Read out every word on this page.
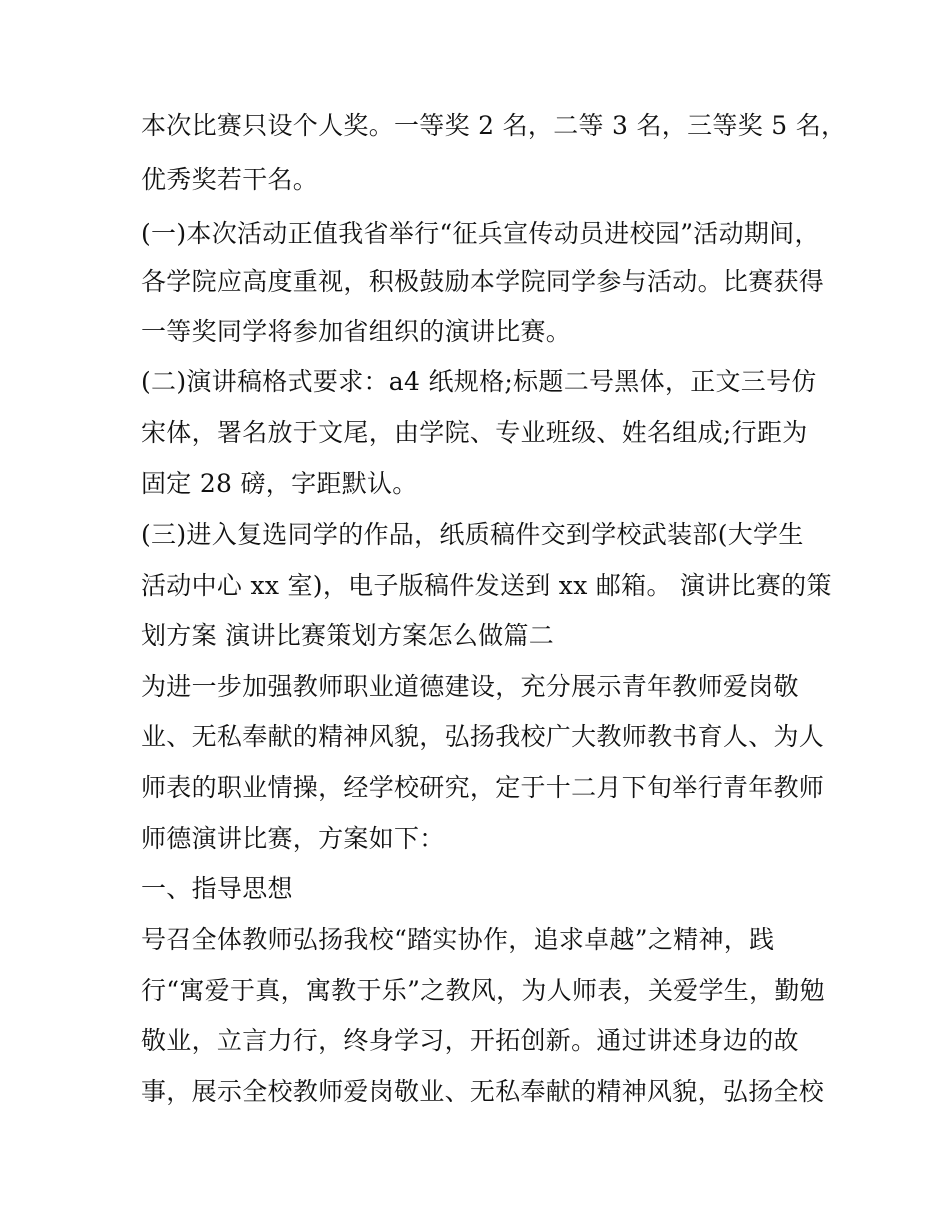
本次比赛只设个人奖。一等奖 2 名，二等 3 名，三等奖 5 名，

优秀奖若干名。

(一)本次活动正值我省举行“征兵宣传动员进校园”活动期间，

各学院应高度重视，积极鼓励本学院同学参与活动。比赛获得

一等奖同学将参加省组织的演讲比赛。

(二)演讲稿格式要求：a4 纸规格;标题二号黑体，正文三号仿

宋体，署名放于文尾，由学院、专业班级、姓名组成;行距为

固定 28 磅，字距默认。

(三)进入复选同学的作品，纸质稿件交到学校武装部(大学生

活动中心 xx 室)，电子版稿件发送到 xx 邮箱。 演讲比赛的策

划方案 演讲比赛策划方案怎么做篇二

为进一步加强教师职业道德建设，充分展示青年教师爱岗敬

业、无私奉献的精神风貌，弘扬我校广大教师教书育人、为人

师表的职业情操，经学校研究，定于十二月下旬举行青年教师

师德演讲比赛，方案如下：

一、指导思想

号召全体教师弘扬我校“踏实协作，追求卓越”之精神，践

行“寓爱于真，寓教于乐”之教风，为人师表，关爱学生，勤勉

敬业，立言力行，终身学习，开拓创新。通过讲述身边的故

事，展示全校教师爱岗敬业、无私奉献的精神风貌，弘扬全校
